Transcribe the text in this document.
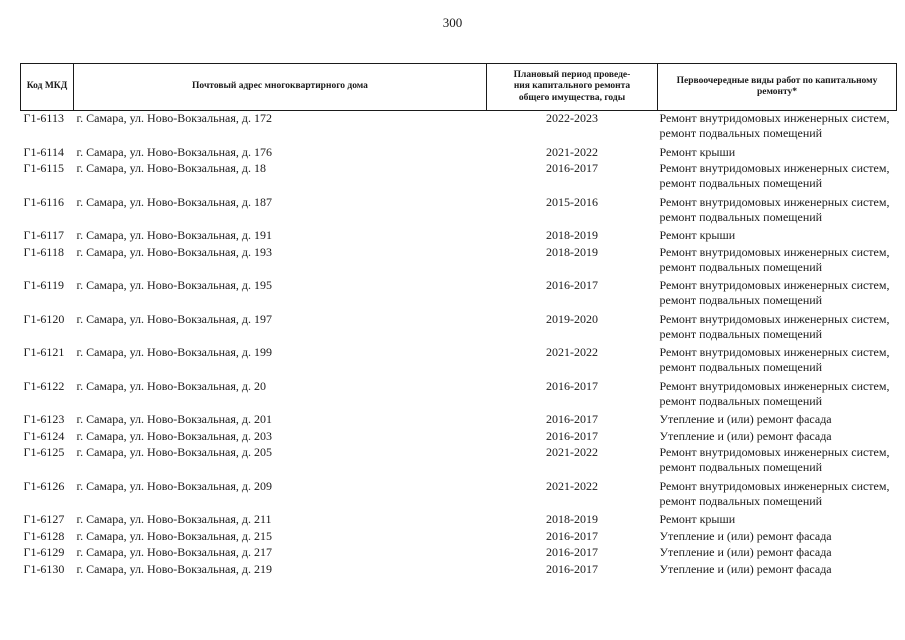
300
Код МКД	Почтовый адрес многоквартирного дома	Плановый период проведе-
ния капитального ремонта
общего имущества, годы	Первоочередные виды работ по капитальному
ремонту*

Г1-6113	г. Самара, ул. Ново-Вокзальная, д. 172	2022-2023	Ремонт внутридомовых инженерных систем,
ремонт подвальных помещений

Г1-6114	г. Самара, ул. Ново-Вокзальная, д. 176	2021-2022	Ремонт крыши

Г1-6115	г. Самара, ул. Ново-Вокзальная, д. 18	2016-2017	Ремонт внутридомовых инженерных систем,
ремонт подвальных помещений

Г1-6116	г. Самара, ул. Ново-Вокзальная, д. 187	2015-2016	Ремонт внутридомовых инженерных систем,
ремонт подвальных помещений

Г1-6117	г. Самара, ул. Ново-Вокзальная, д. 191	2018-2019	Ремонт крыши

Г1-6118	г. Самара, ул. Ново-Вокзальная, д. 193	2018-2019	Ремонт внутридомовых инженерных систем,
ремонт подвальных помещений

Г1-6119	г. Самара, ул. Ново-Вокзальная, д. 195	2016-2017	Ремонт внутридомовых инженерных систем,
ремонт подвальных помещений

Г1-6120	г. Самара, ул. Ново-Вокзальная, д. 197	2019-2020	Ремонт внутридомовых инженерных систем,
ремонт подвальных помещений

Г1-6121	г. Самара, ул. Ново-Вокзальная, д. 199	2021-2022	Ремонт внутридомовых инженерных систем,
ремонт подвальных помещений

Г1-6122	г. Самара, ул. Ново-Вокзальная, д. 20	2016-2017	Ремонт внутридомовых инженерных систем,
ремонт подвальных помещений

Г1-6123	г. Самара, ул. Ново-Вокзальная, д. 201	2016-2017	Утепление и (или) ремонт фасада

Г1-6124	г. Самара, ул. Ново-Вокзальная, д. 203	2016-2017	Утепление и (или) ремонт фасада

Г1-6125	г. Самара, ул. Ново-Вокзальная, д. 205	2021-2022	Ремонт внутридомовых инженерных систем,
ремонт подвальных помещений

Г1-6126	г. Самара, ул. Ново-Вокзальная, д. 209	2021-2022	Ремонт внутридомовых инженерных систем,
ремонт подвальных помещений

Г1-6127	г. Самара, ул. Ново-Вокзальная, д. 211	2018-2019	Ремонт крыши

Г1-6128	г. Самара, ул. Ново-Вокзальная, д. 215	2016-2017	Утепление и (или) ремонт фасада

Г1-6129	г. Самара, ул. Ново-Вокзальная, д. 217	2016-2017	Утепление и (или) ремонт фасада

Г1-6130	г. Самара, ул. Ново-Вокзальная, д. 219	2016-2017	Утепление и (или) ремонт фасада
